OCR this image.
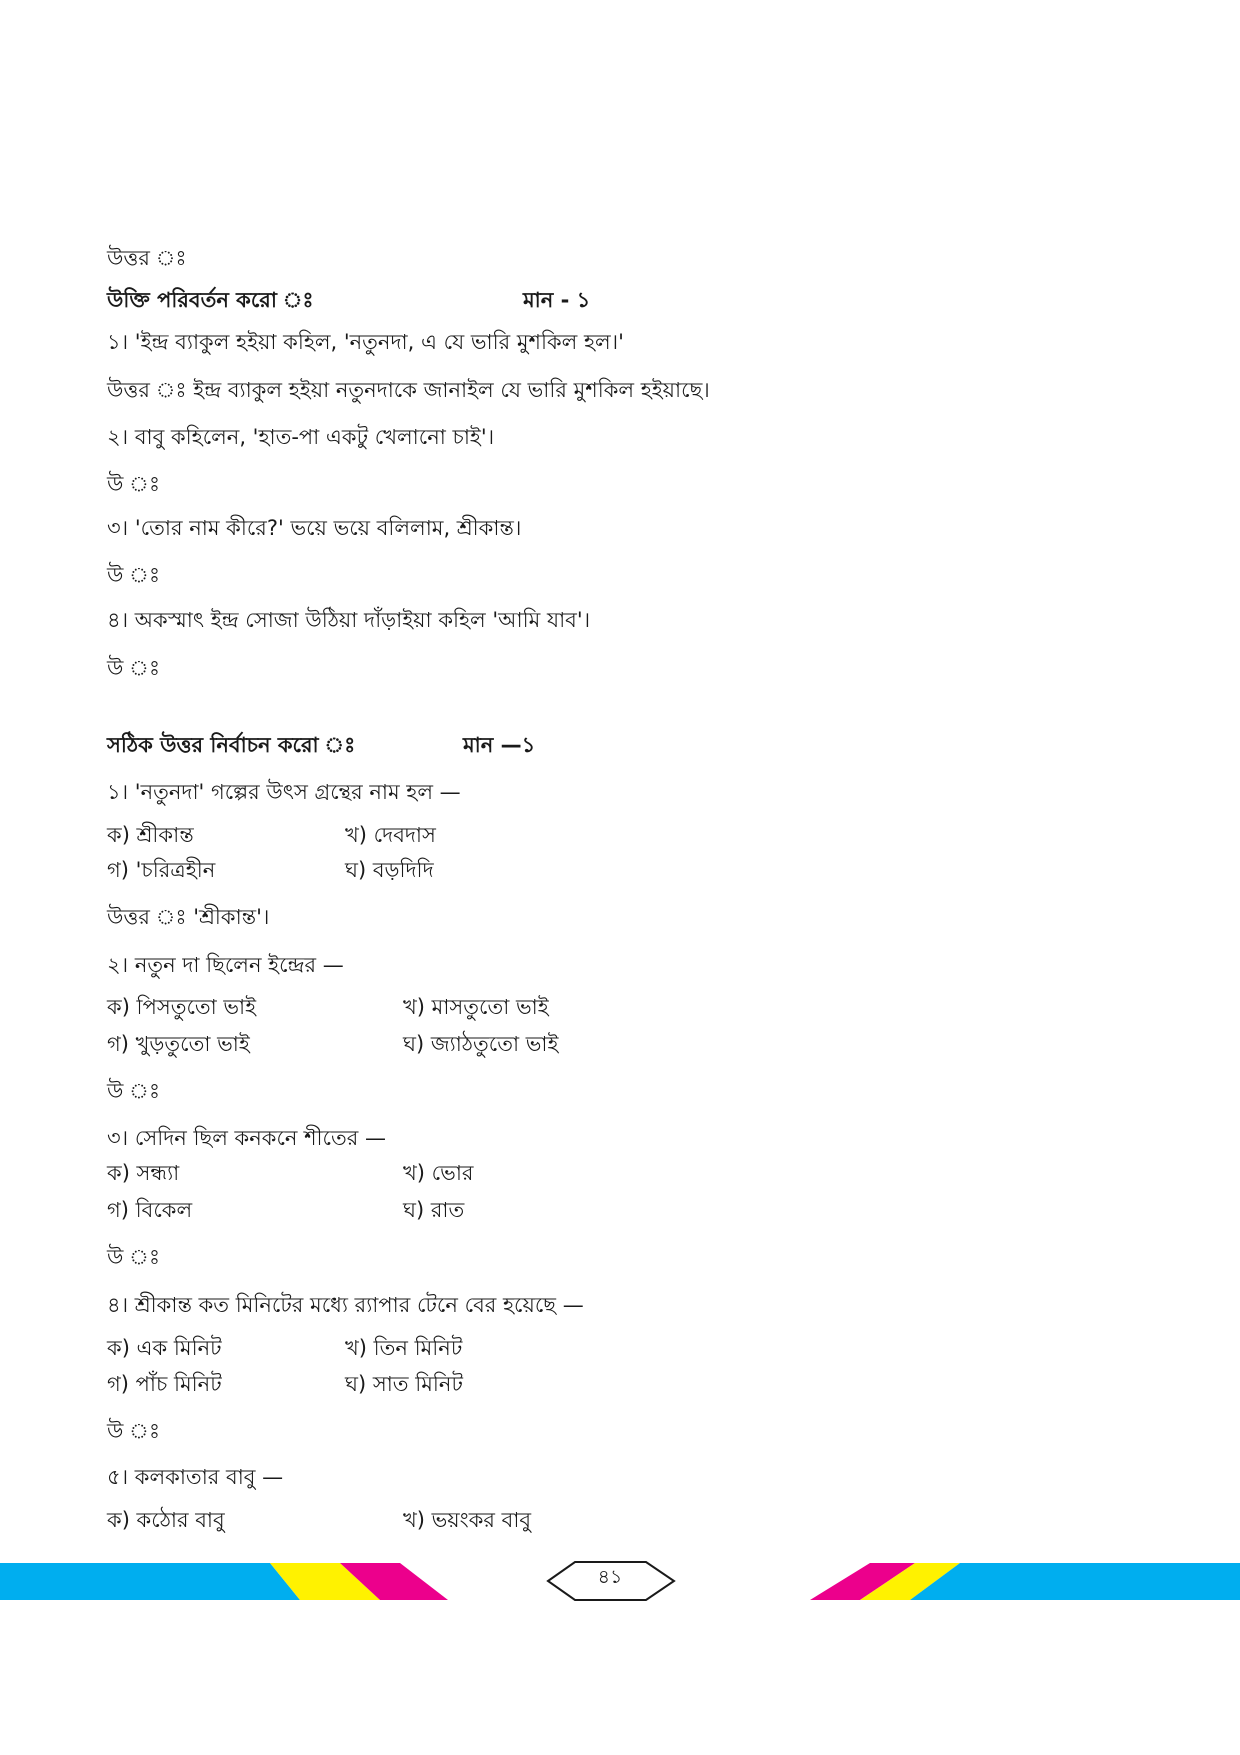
উত্তর ঃ
উক্তি পরিবর্তন করো ঃ	মান - ১
১। 'ইন্দ্র ব্যাকুল হইয়া কহিল, 'নতুনদা, এ যে ভারি মুশকিল হল।'
উত্তর ঃ ইন্দ্র ব্যাকুল হইয়া নতুনদাকে জানাইল যে ভারি মুশকিল হইয়াছে।
২। বাবু কহিলেন, 'হাত-পা একটু খেলানো চাই'।
উ ঃ
৩। 'তোর নাম কীরে?' ভয়ে ভয়ে বলিলাম, শ্রীকান্ত।
উ ঃ
৪। অকস্মাৎ ইন্দ্র সোজা উঠিয়া দাঁড়াইয়া কহিল 'আমি যাব'।
উ ঃ
সঠিক উত্তর নির্বাচন করো ঃ	মান —১
১। 'নতুনদা' গল্পের উৎস গ্রন্থের নাম হল —
ক) শ্রীকান্ত	খ) দেবদাস
গ) 'চরিত্রহীন	ঘ) বড়দিদি
উত্তর ঃ 'শ্রীকান্ত'।
২। নতুন দা ছিলেন ইন্দ্রের —
ক) পিসতুতো ভাই	খ) মাসতুতো ভাই
গ) খুড়তুতো ভাই	ঘ) জ্যাঠতুতো ভাই
উ ঃ
৩। সেদিন ছিল কনকনে শীতের —
ক) সন্ধ্যা	খ) ভোর
গ) বিকেল	ঘ) রাত
উ ঃ
৪। শ্রীকান্ত কত মিনিটের মধ্যে র‍্যাপার টেনে বের হয়েছে —
ক) এক মিনিট	খ) তিন মিনিট
গ) পাঁচ মিনিট	ঘ) সাত মিনিট
উ ঃ
৫। কলকাতার বাবু —
ক) কঠোর বাবু	খ) ভয়ংকর বাবু
৪১
